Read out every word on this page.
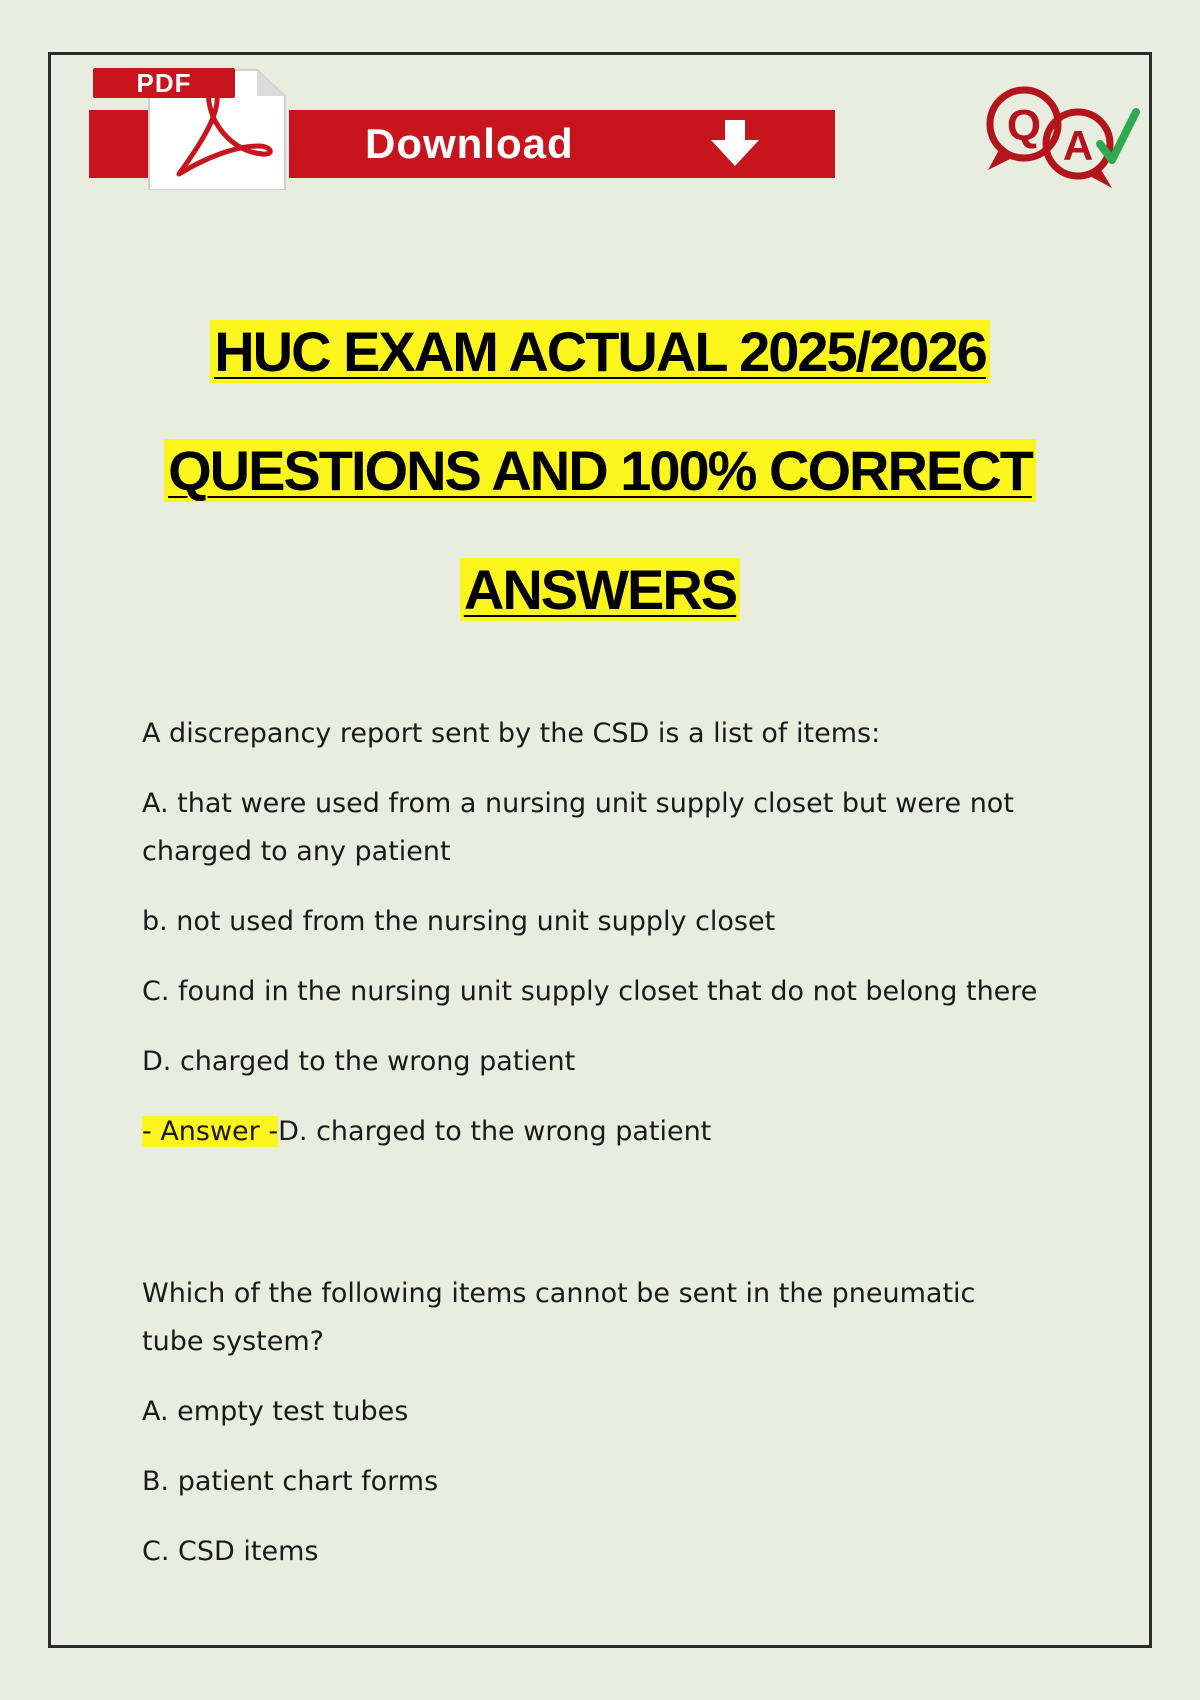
Download
PDF
Q A
HUC EXAM ACTUAL 2025/2026
QUESTIONS AND 100% CORRECT
ANSWERS

A discrepancy report sent by the CSD is a list of items:

A. that were used from a nursing unit supply closet but were not charged to any patient

b. not used from the nursing unit supply closet

C. found in the nursing unit supply closet that do not belong there

D. charged to the wrong patient

- Answer -D. charged to the wrong patient

Which of the following items cannot be sent in the pneumatic tube system?

A. empty test tubes

B. patient chart forms

C. CSD items
